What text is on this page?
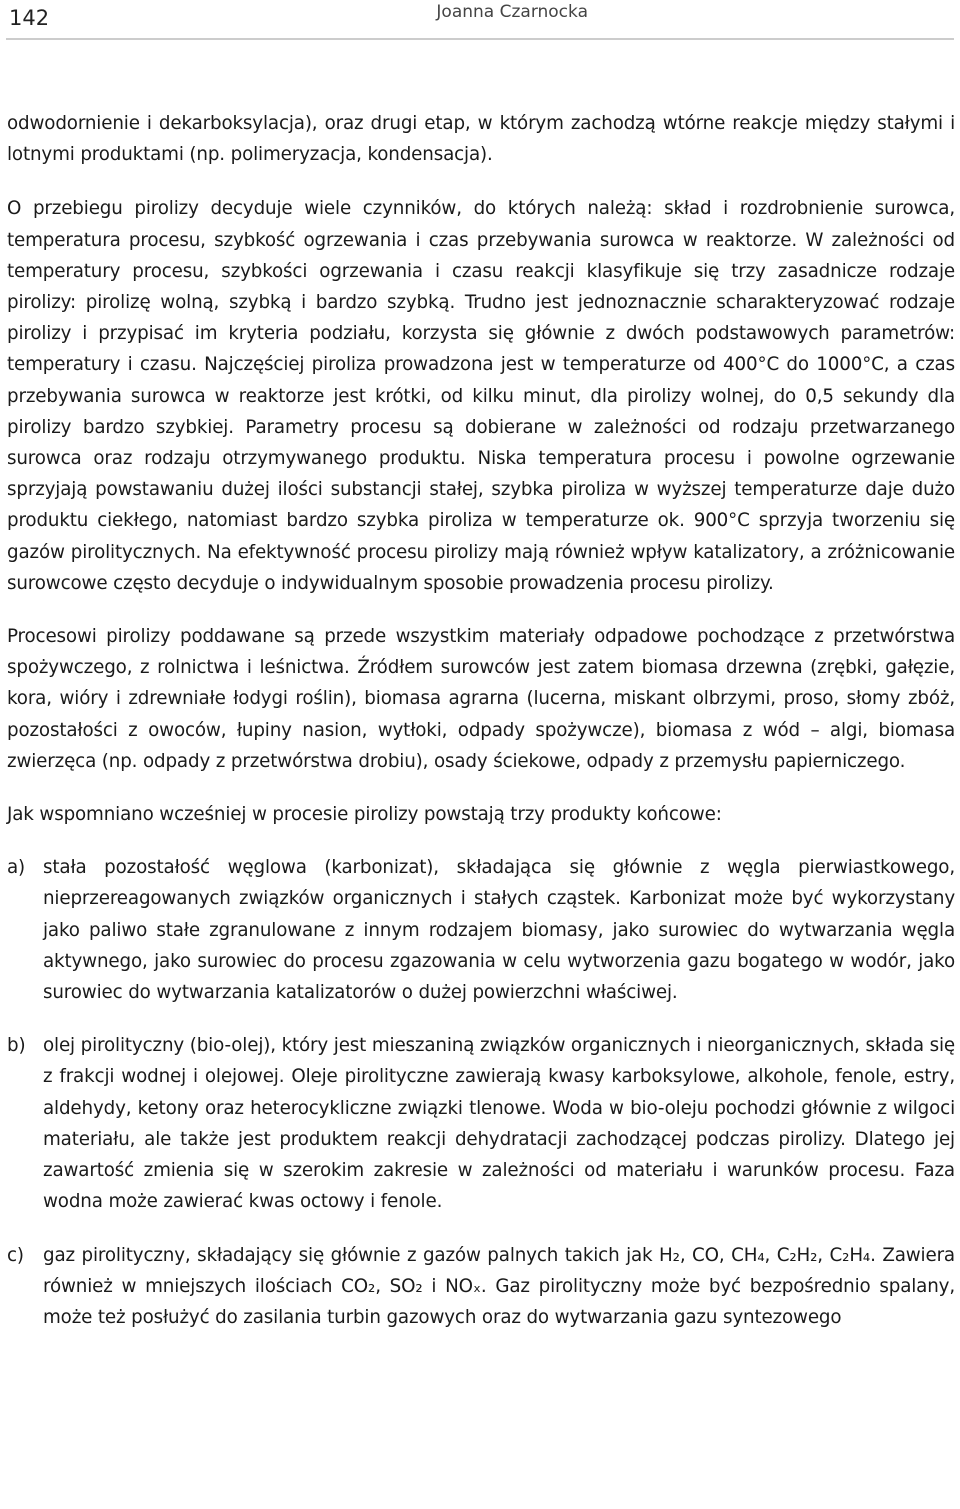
142	Joanna Czarnocka

odwodornienie i dekarboksylacja), oraz drugi etap, w którym zachodzą wtórne reakcje między stałymi i lotnymi produktami (np. polimeryzacja, kondensacja).

O przebiegu pirolizy decyduje wiele czynników, do których należą: skład i rozdrobnienie surowca, temperatura procesu, szybkość ogrzewania i czas przebywania surowca w reaktorze. W zależności od temperatury procesu, szybkości ogrzewania i czasu reakcji klasyfikuje się trzy zasadnicze rodzaje pirolizy: pirolizę wolną, szybką i bardzo szybką. Trudno jest jednoznacznie scharakteryzować rodzaje pirolizy i przypisać im kryteria podziału, korzysta się głównie z dwóch podstawowych parametrów: temperatury i czasu. Najczęściej piroliza prowadzona jest w temperaturze od 400°C do 1000°C, a czas przebywania surowca w reaktorze jest krótki, od kilku minut, dla pirolizy wolnej, do 0,5 sekundy dla pirolizy bardzo szybkiej. Parametry procesu są dobierane w zależności od rodzaju przetwarzanego surowca oraz rodzaju otrzymywanego produktu. Niska temperatura procesu i powolne ogrzewanie sprzyjają powstawaniu dużej ilości substancji stałej, szybka piroliza w wyższej temperaturze daje dużo produktu ciekłego, natomiast bardzo szybka piroliza w temperaturze ok. 900°C sprzyja tworzeniu się gazów pirolitycznych. Na efektywność procesu pirolizy mają również wpływ katalizatory, a zróżnicowanie surowcowe często decyduje o indywidualnym sposobie prowadzenia procesu pirolizy.

Procesowi pirolizy poddawane są przede wszystkim materiały odpadowe pochodzące z przetwórstwa spożywczego, z rolnictwa i leśnictwa. Źródłem surowców jest zatem biomasa drzewna (zrębki, gałęzie, kora, wióry i zdrewniałe łodygi roślin), biomasa agrarna (lucerna, miskant olbrzymi, proso, słomy zbóż, pozostałości z owoców, łupiny nasion, wytłoki, odpady spożywcze), biomasa z wód – algi, biomasa zwierzęca (np. odpady z przetwórstwa drobiu), osady ściekowe, odpady z przemysłu papierniczego.

Jak wspomniano wcześniej w procesie pirolizy powstają trzy produkty końcowe:

a) stała pozostałość węglowa (karbonizat), składająca się głównie z węgla pierwiastkowego, nieprzereagowanych związków organicznych i stałych cząstek. Karbonizat może być wykorzystany jako paliwo stałe zgranulowane z innym rodzajem biomasy, jako surowiec do wytwarzania węgla aktywnego, jako surowiec do procesu zgazowania w celu wytworzenia gazu bogatego w wodór, jako surowiec do wytwarzania katalizatorów o dużej powierzchni właściwej.

b) olej pirolityczny (bio-olej), który jest mieszaniną związków organicznych i nieorganicznych, składa się z frakcji wodnej i olejowej. Oleje pirolityczne zawierają kwasy karboksylowe, alkohole, fenole, estry, aldehydy, ketony oraz heterocykliczne związki tlenowe. Woda w bio-oleju pochodzi głównie z wilgoci materiału, ale także jest produktem reakcji dehydratacji zachodzącej podczas pirolizy. Dlatego jej zawartość zmienia się w szerokim zakresie w zależności od materiału i warunków procesu. Faza wodna może zawierać kwas octowy i fenole.

c) gaz pirolityczny, składający się głównie z gazów palnych takich jak H₂, CO, CH₄, C₂H₂, C₂H₄. Zawiera również w mniejszych ilościach CO₂, SO₂ i NOₓ. Gaz pirolityczny może być bezpośrednio spalany, może też posłużyć do zasilania turbin gazowych oraz do wytwarzania gazu syntezowego
